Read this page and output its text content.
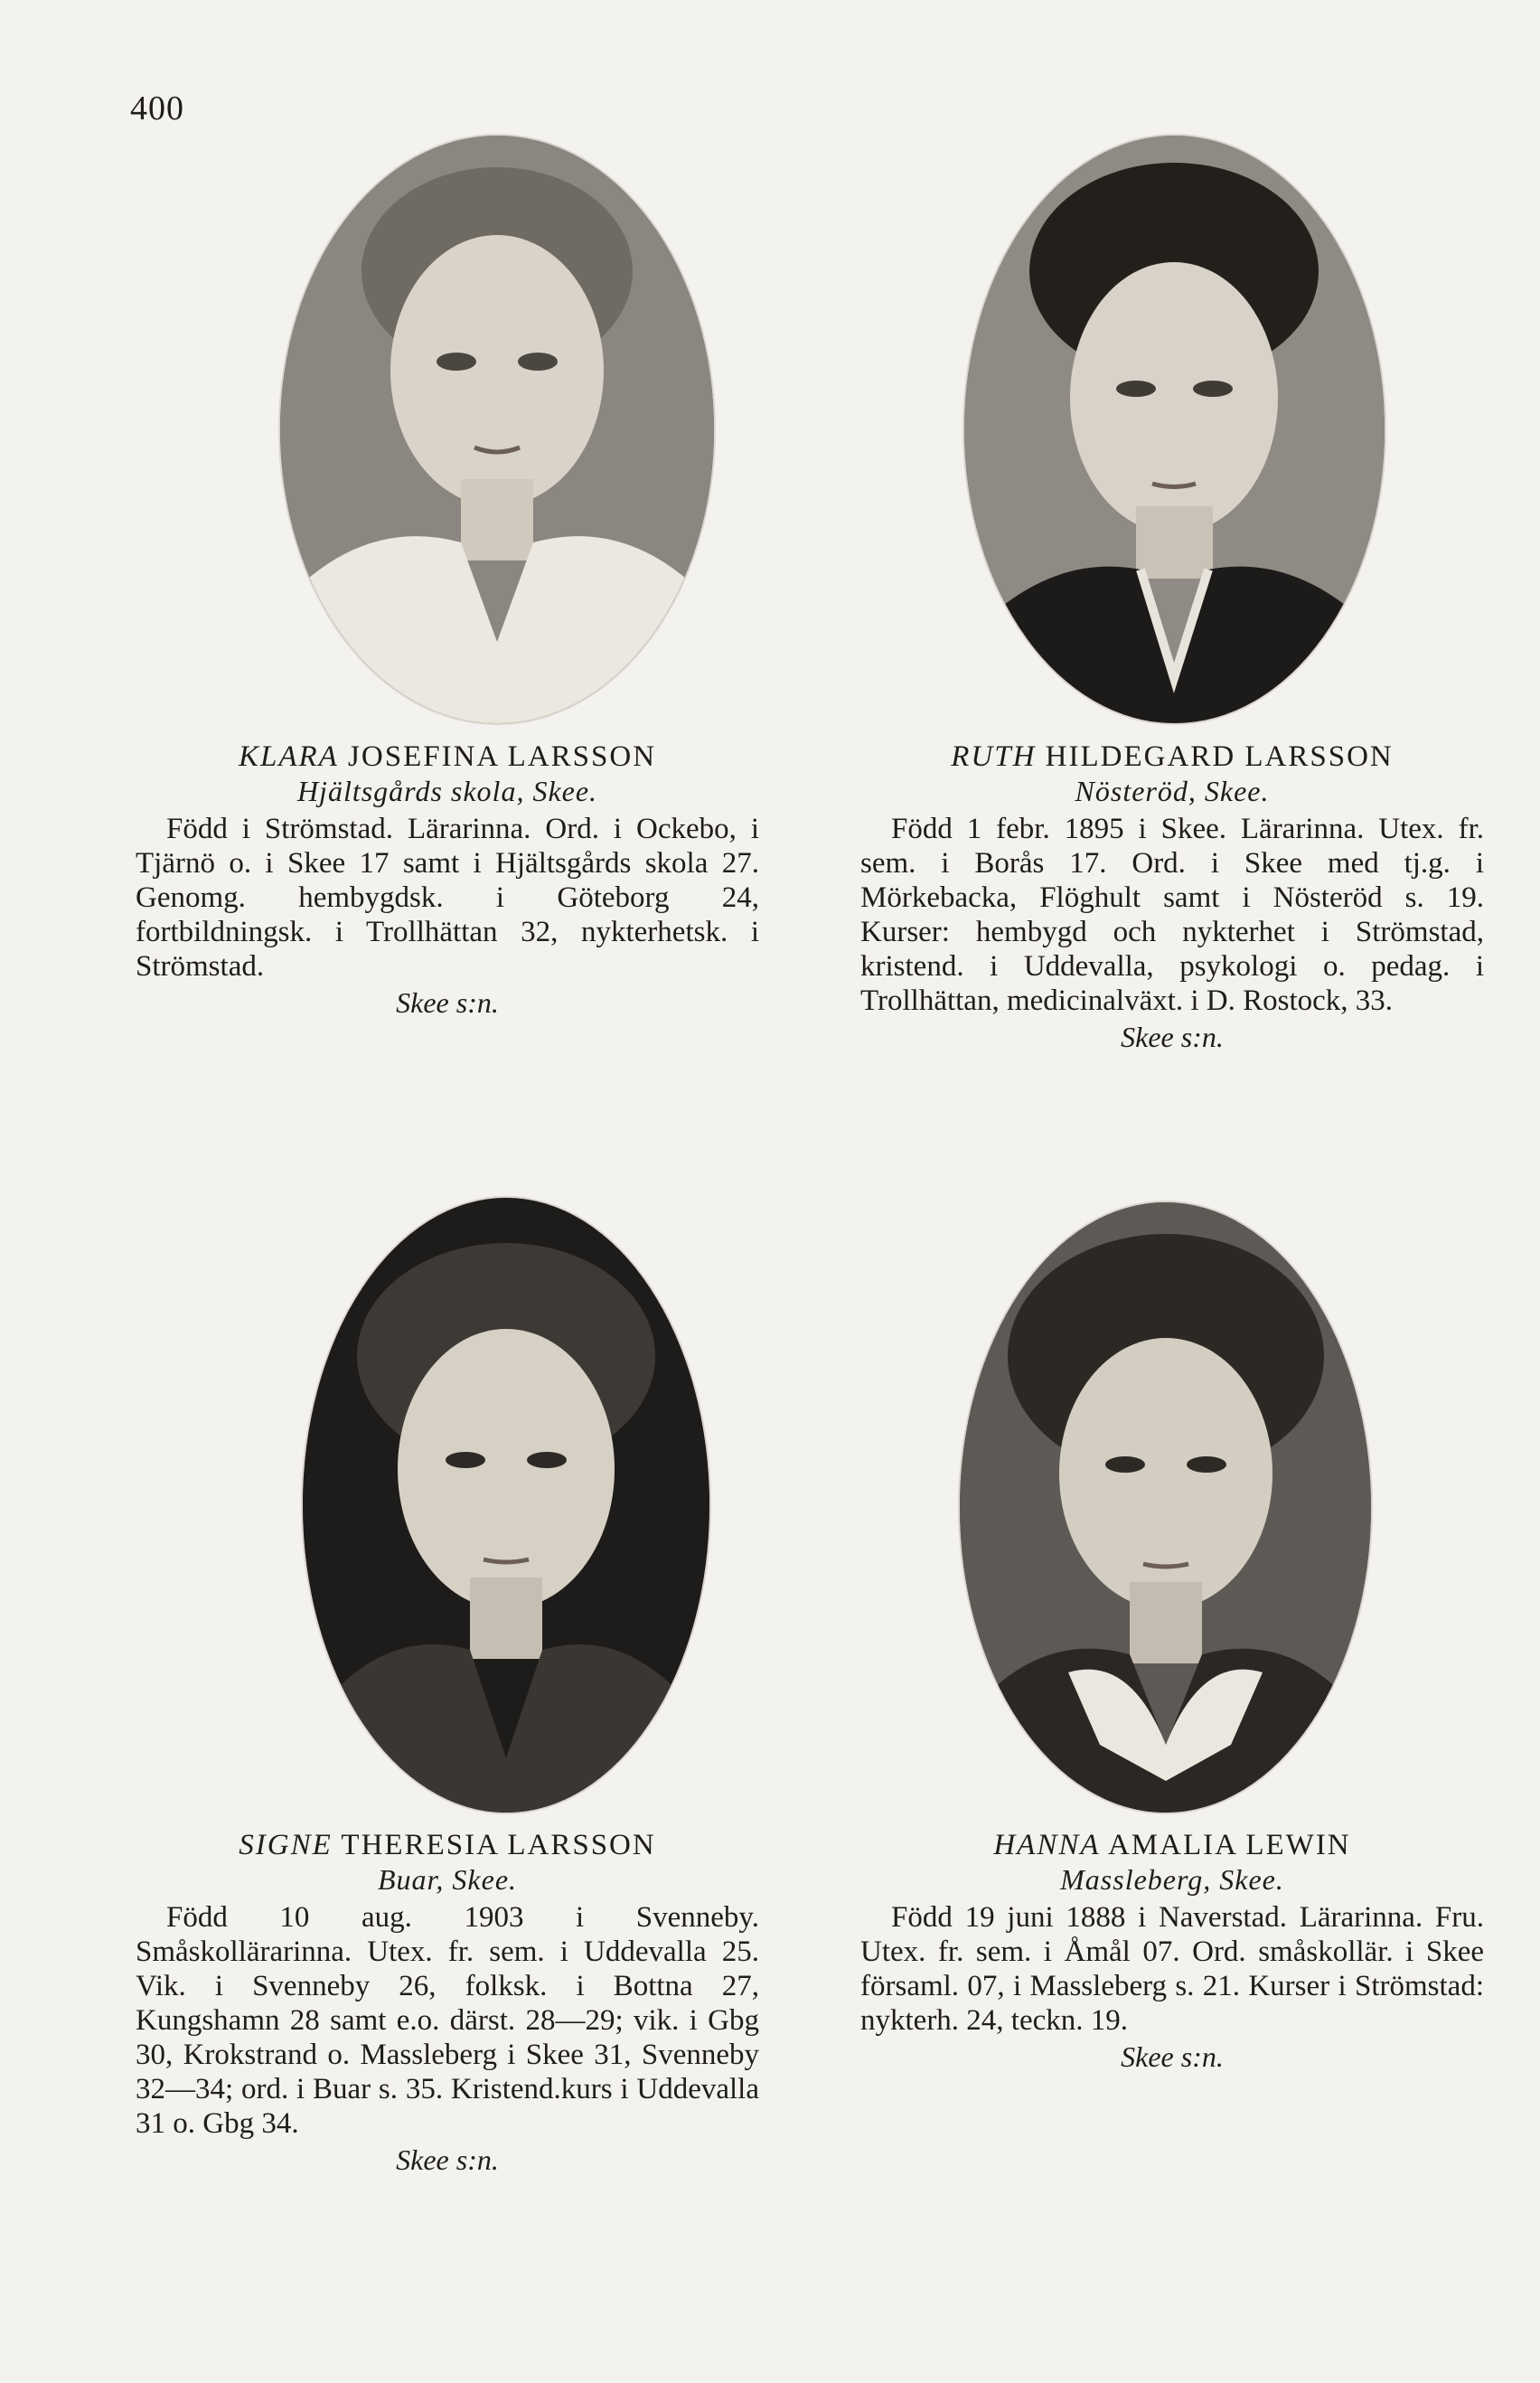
400
KLARA JOSEFINA LARSSON
Hjältsgårds skola, Skee.
Född i Strömstad. Lärarinna. Ord. i Ockebo, i Tjärnö o. i Skee 17 samt i Hjältsgårds skola 27. Genomg. hembygdsk. i Göteborg 24, fortbildningsk. i Trollhättan 32, nykterhetsk. i Strömstad.
Skee s:n.
RUTH HILDEGARD LARSSON
Nösteröd, Skee.
Född 1 febr. 1895 i Skee. Lärarinna. Utex. fr. sem. i Borås 17. Ord. i Skee med tj.g. i Mörkebacka, Flöghult samt i Nösteröd s. 19. Kurser: hembygd och nykterhet i Strömstad, kristend. i Uddevalla, psykologi o. pedag. i Trollhättan, medicinalväxt. i D. Rostock, 33.
Skee s:n.
SIGNE THERESIA LARSSON
Buar, Skee.
Född 10 aug. 1903 i Svenneby. Småskollärarinna. Utex. fr. sem. i Uddevalla 25. Vik. i Svenneby 26, folksk. i Bottna 27, Kungshamn 28 samt e.o. därst. 28—29; vik. i Gbg 30, Krokstrand o. Massleberg i Skee 31, Svenneby 32—34; ord. i Buar s. 35. Kristend.kurs i Uddevalla 31 o. Gbg 34.
Skee s:n.
HANNA AMALIA LEWIN
Massleberg, Skee.
Född 19 juni 1888 i Naverstad. Lärarinna. Fru. Utex. fr. sem. i Åmål 07. Ord. småskollär. i Skee församl. 07, i Massleberg s. 21. Kurser i Strömstad: nykterh. 24, teckn. 19.
Skee s:n.
